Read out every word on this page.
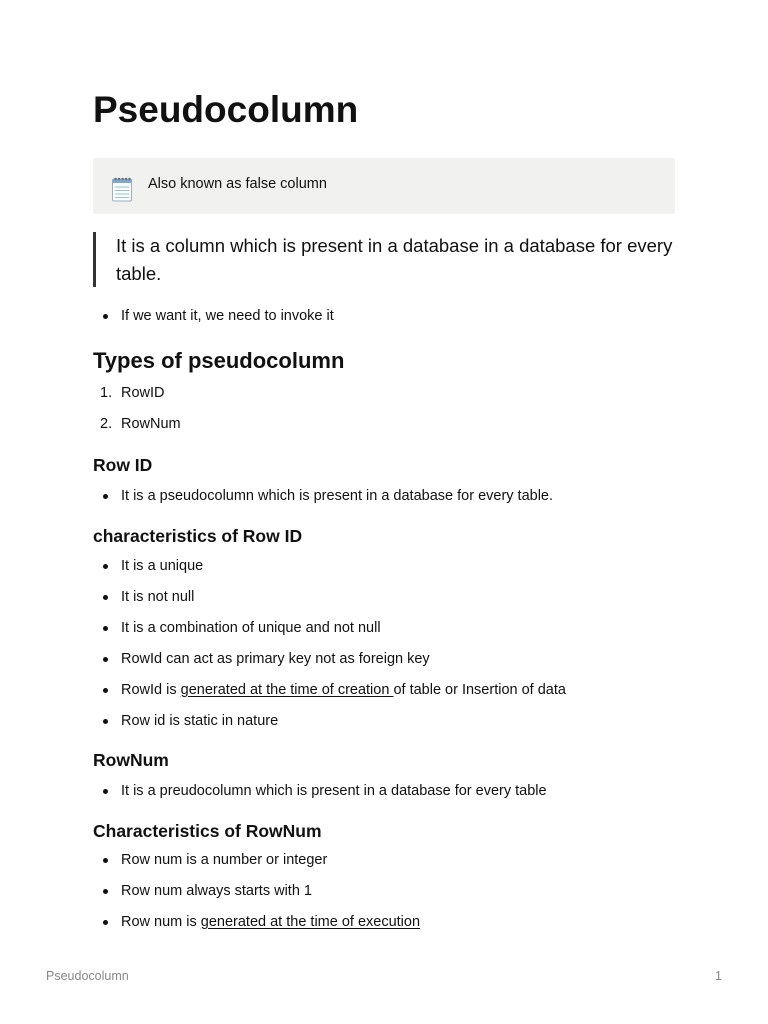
Pseudocolumn
Also known as false column
It is a column which is present in a database in a database for every table.
If we want it, we need to invoke it
Types of pseudocolumn
1. RowID
2. RowNum
Row ID
It is a pseudocolumn which is present in a database for every table.
characteristics of Row ID
It is a unique
It is not null
It is a combination of unique and not null
RowId can act as primary key not as foreign key
RowId is generated at the time of creation of table or Insertion of data
Row id is static in nature
RowNum
It is a preudocolumn which is present in a database for every table
Characteristics of RowNum
Row num is a number or integer
Row num always starts with 1
Row num is generated at the time of execution
Pseudocolumn	1
